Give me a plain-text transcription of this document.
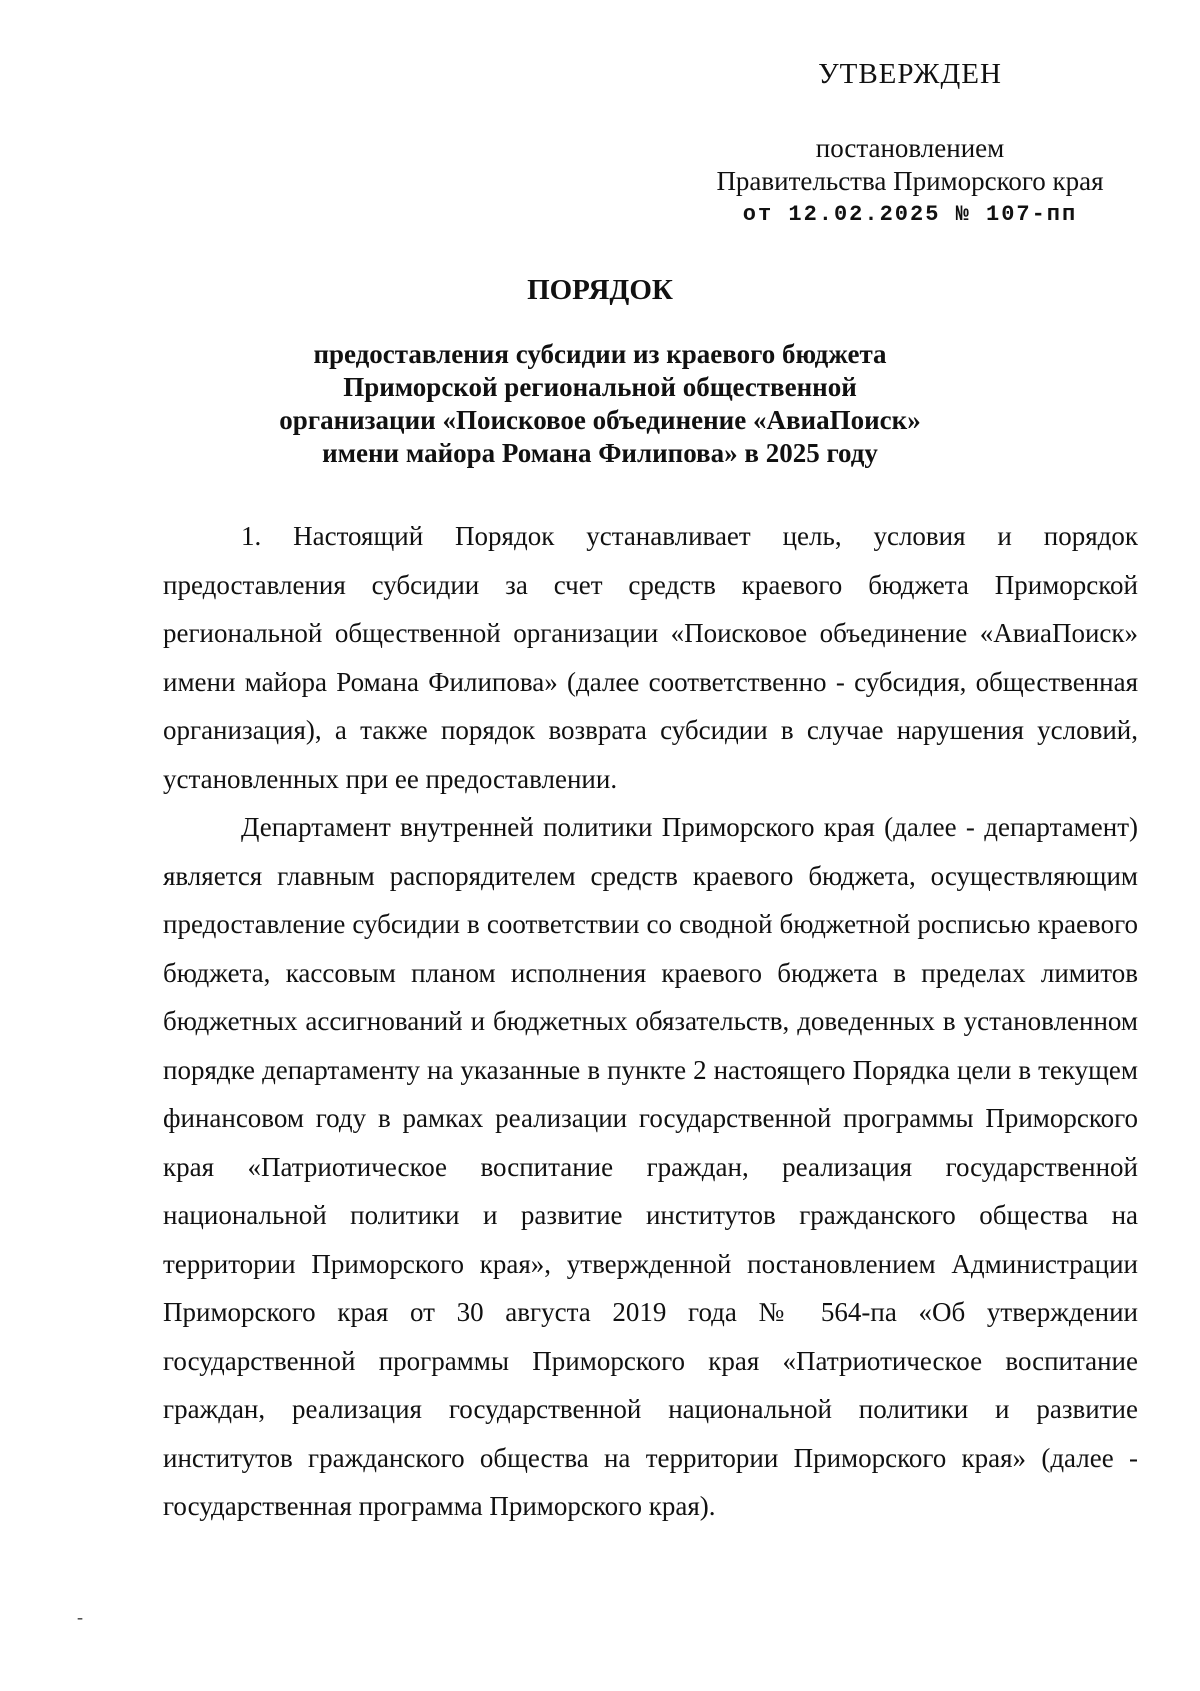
УТВЕРЖДЕН

постановлением

Правительства Приморского края

от 12.02.2025 № 107-пп

ПОРЯДОК
предоставления субсидии из краевого бюджета
Приморской региональной общественной
организации «Поисковое объединение «АвиаПоиск»
имени майора Романа Филипова» в 2025 году

1. Настоящий Порядок устанавливает цель, условия и порядок предоставления субсидии за счет средств краевого бюджета Приморской региональной общественной организации «Поисковое объединение «АвиаПоиск» имени майора Романа Филипова» (далее соответственно - субсидия, общественная организация), а также порядок возврата субсидии в случае нарушения условий, установленных при ее предоставлении.

Департамент внутренней политики Приморского края (далее - департамент) является главным распорядителем средств краевого бюджета, осуществляющим предоставление субсидии в соответствии со сводной бюджетной росписью краевого бюджета, кассовым планом исполнения краевого бюджета в пределах лимитов бюджетных ассигнований и бюджетных обязательств, доведенных в установленном порядке департаменту на указанные в пункте 2 настоящего Порядка цели в текущем финансовом году в рамках реализации государственной программы Приморского края «Патриотическое воспитание граждан, реализация государственной национальной политики и развитие институтов гражданского общества на территории Приморского края», утвержденной постановлением Администрации Приморского края от 30 августа 2019 года № 564-па «Об утверждении государственной программы Приморского края «Патриотическое воспитание граждан, реализация государственной национальной политики и развитие институтов гражданского общества на территории Приморского края» (далее - государственная программа Приморского края).

-
